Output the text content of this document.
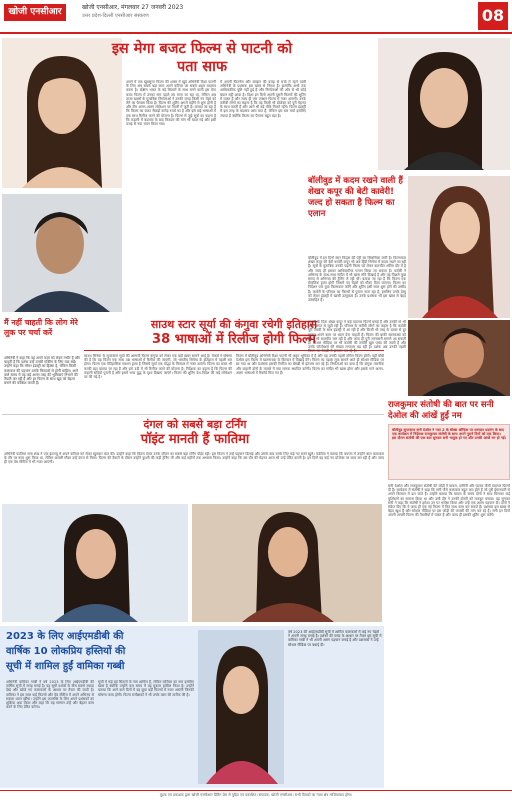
खोजी एनसीआर	खोजी एनसीआर, मंगलवार 27 जनवरी 2023
उत्तर प्रदेश-दिल्ली एनसीआर संस्करण	08
इस मेगा बजट फिल्म से पाटनी को पता साफ
अपने में एक खूबसूरत फिल्म की शक्ल में खुदे अभिनेत्री दिशा पाटनी के लिए अब सबसे बड़ा काम अपने करियर का सबसे अहम बदलाव करना है। दक्षिण भारत के बड़े सितारों के साथ बनने वाली इस मेगा बजट फिल्म में उनका नाम पहले तय माना जा रहा था, लेकिन अब ताजा खबरों के मुताबिक निर्माताओं ने उनकी जगह किसी नए चेहरे को लेने का फैसला किया है। फिल्म की शूटिंग अगले महीने से शुरू होनी है और टीम अलग-अलग लोकेशन पर तैयारी में जुटी है। बताया जा रहा है कि फिल्म का बजट सैकड़ों करोड़ रुपये का है और इसे कई भाषाओं में एक साथ रिलीज करने की योजना है। फिल्म से जुड़े सूत्रों का कहना है कि कहानी में बदलाव के बाद किरदार की मांग भी बदल गई और इसी वजह से नया चयन किया गया।
में अपनी फिटनेस और स्टाइल की वजह से चर्चा में रहने वाली अभिनेत्री के प्रशंसक इस खबर से निराश हैं। हालांकि अभी तक आधिकारिक पुष्टि नहीं हुई है और निर्माताओं की ओर से भी कोई बयान नहीं आया है। दिशा इन दिनों अपनी दूसरी फिल्मों की शूटिंग में व्यस्त हैं और जल्द ही एक एक्शन फिल्म में नजर आएंगी। उनके करीबी लोगों का कहना है कि वह किसी भी प्रोजेक्ट को पूरी मेहनत के साथ करती हैं और आगे भी बड़े मौके मिलते रहेंगे। फिल्म इंडस्ट्री में इस तरह के बदलाव आम बात हैं, लेकिन इस बार चर्चा इसलिए ज्यादा है क्योंकि फिल्म का पैमाना बहुत बड़ा है।
बॉलीवुड में कदम रखने वाली हैं शेखर कपूर की बेटी कावेरी! जल्द हो सकता है फिल्म का एलान
बॉलीवुड में इन दिनों स्टार किड्स की एंट्री का सिलसिला जारी है। फिल्मकार शेखर कपूर की बेटी कावेरी कपूर भी अब हिंदी सिनेमा में कदम रखने जा रही हैं। सूत्रों के मुताबिक उनकी पहली फिल्म को लेकर बातचीत अंतिम दौर में है और जल्द ही इसका आधिकारिक एलान किया जा सकता है। कावेरी ने अभिनय के साथ-साथ संगीत में भी खास रुचि दिखाई है और वह पिछले कुछ समय से अभिनय की ट्रेनिंग ले रही थीं। बताया जा रहा है कि फिल्म एक रोमांटिक ड्रामा होगी जिसमें नए चेहरों को मौका दिया जाएगा। फिल्म का निर्देशन एक युवा फिल्मकार करेंगे और शूटिंग इसी साल शुरू होने की उम्मीद है। कावेरी के परिवार का फिल्मों से पुराना नाता रहा है, इसलिए उनके डेब्यू को लेकर इंडस्ट्री में खासी उत्सुकता है। उनके प्रशंसक भी इस खबर से बेहद उत्साहित हैं।
साउथ स्टार सूर्या की कंगुवा रचेगी इतिहास
38 भाषाओं में रिलीज होगी फिल्म
साउथ सिनेमा के सुपरस्टार सूर्या की आगामी फिल्म कंगुवा को लेकर एक बड़ी खबर सामने आई है। मेकर्स ने घोषणा की है कि यह फिल्म एक साथ 38 भाषाओं में रिलीज की जाएगी, जो भारतीय सिनेमा के इतिहास में पहली बार होगा। फिल्म एक ऐतिहासिक एक्शन ड्रामा है जिसमें सूर्या एक योद्धा के किरदार में नजर आएंगे। फिल्म का बजट भी काफी बड़ा बताया जा रहा है और इसे 3डी में भी रिलीज करने की योजना है। निर्देशक का कहना है कि फिल्म की कहानी सदियों पुरानी है और इसमें भव्य युद्ध के दृश्य दिखाए जाएंगे। फिल्म की शूटिंग देश-विदेश की कई लोकेशन पर की गई है।
फिल्म में बॉलीवुड अभिनेत्री दिशा पाटनी भी अहम भूमिका में हैं और यह उनकी पहली तमिल फिल्म होगी। वहीं बॉबी देओल इस फिल्म में खलनायक के किरदार में दिखाई देंगे। फिल्म का पहला लुक सामने आते ही सोशल मीडिया पर छा गया था और प्रशंसक इसकी रिलीज का बेसब्री से इंतजार कर रहे हैं। निर्माताओं का दावा है कि कंगुवा तकनीक और कहानी दोनों के मामले में नया मानक स्थापित करेगी। फिल्म का संगीत भी खास होगा और इसके गाने अलग-अलग भाषाओं में रिकॉर्ड किए गए हैं।
मैं नहीं चाहती कि लोग मेरे लुक पर चर्चा करें
अभिनेत्री ने कहा कि वह अपने काम को लेकर गंभीर हैं और चाहती हैं कि दर्शक उन्हें उनकी एक्टिंग के लिए याद रखें। उन्होंने कहा कि ग्लैमर इंडस्ट्री का हिस्सा है, लेकिन किसी कलाकार की पहचान उसके किरदारों से होनी चाहिए। आने वाले समय में वह कई अलग तरह की भूमिकाएं निभाने की तैयारी कर रही हैं और हर फिल्म के साथ खुद को बेहतर बनाने की कोशिश करती हैं।
कावेरी के पिता शेखर कपूर ने कई यादगार फिल्में बनाई हैं और उनकी मां भी कला जगत से जुड़ी रही हैं। परिवार के करीबी लोगों का कहना है कि कावेरी पूरी तैयारी के साथ इंडस्ट्री में आ रही हैं और किसी भी तरह के दबाव से दूर रहकर अपने काम पर ध्यान देना चाहती हैं। फिल्म की बाकी स्टारकास्ट को लेकर भी बातचीत चल रही है और जल्द ही पूरी जानकारी सामने आ सकती है। सोशल मीडिया पर भी कावेरी की तस्वीरें खूब पसंद की जाती हैं और उनके फॉलोअर्स की संख्या लगातार बढ़ रही है। दर्शक अब उनकी पहली फिल्म का बेसब्री से इंतजार कर रहे हैं।
राजकुमार संतोषी की बात पर सनी देओल की आंखें हुईं नम
बॉलीवुड सुपरस्टार सनी देओल ने गदर 2 के बॉक्स ऑफिस पर शानदार प्रदर्शन के बाद एक कार्यक्रम में निर्देशक राजकुमार संतोषी के साथ अपने पुराने दिनों को याद किया। इस दौरान संतोषी की एक बात सुनकर सनी भावुक हो गए और उनकी आंखें नम हो गईं।
दंगल को सबसे बड़ा टर्निंग
पॉइंट मानती हैं फातिमा
अभिनेत्री फातिमा सना शेख ने एक इंटरव्यू में अपने करियर को लेकर खुलकर बात की। उन्होंने कहा कि फिल्म दंगल उनके जीवन का सबसे बड़ा टर्निंग पॉइंट रही। इस फिल्म ने उन्हें पहचान दिलाई और उसके बाद उनके लिए कई नए रास्ते खुले। फातिमा ने बताया कि बचपन में उन्होंने बाल कलाकार के तौर पर काम शुरू किया था, लेकिन असली मौका उन्हें दंगल से मिला। फिल्म की तैयारी के दौरान उन्होंने कुश्ती की कड़ी ट्रेनिंग ली और कई महीनों तक अभ्यास किया। उन्होंने कहा कि उस दौर की मेहनत आज भी उन्हें प्रेरित करती है। इन दिनों वह कई नए प्रोजेक्ट पर काम कर रही हैं और जल्द ही एक वेब सीरीज में भी नजर आएंगी।
सनी देओल और राजकुमार संतोषी की जोड़ी ने घायल, दामिनी और घातक जैसी यादगार फिल्में दी हैं। कार्यक्रम में संतोषी ने कहा कि सनी जैसे कलाकार बहुत कम होते हैं जो पूरी ईमानदारी से अपने किरदार में ढल जाते हैं। उन्होंने बताया कि घायल के समय दोनों ने साथ मिलकर कई मुश्किलों का सामना किया था और उसी दौर ने उनकी दोस्ती को मजबूत बनाया। यह सुनकर सनी ने कहा कि संतोषी ने हमेशा उन पर भरोसा किया और उन्हें एक अलग पहचान दी। दोनों ने संकेत दिए कि वे जल्द ही एक नई फिल्म में फिर साथ काम कर सकते हैं। प्रशंसक इस खबर से बेहद खुश हैं और सोशल मीडिया पर इस जोड़ी की वापसी की मांग कर रहे हैं। सनी इन दिनों अपनी अगली फिल्म की तैयारियों में व्यस्त हैं और जल्द ही इसकी शूटिंग शुरू करेंगे।
2023 के लिए आईएमडीबी की
वार्षिक 10 लोकप्रिय हस्तियों की
सूची में शामिल हुईं वामिका गब्बी
अभिनेत्री वामिका गब्बी ने वर्ष 2023 के लिए आईएमडीबी की वार्षिक सूची में जगह बनाई है। यह सूची दर्शकों के बीच सबसे ज्यादा देखे और खोजे गए कलाकारों के आधार पर तैयार की जाती है। वामिका ने इस साल कई फिल्मों और वेब सीरीज में अपने अभिनय से सबका ध्यान खींचा। उन्होंने इस उपलब्धि के लिए अपने प्रशंसकों का शुक्रिया अदा किया और कहा कि यह सम्मान उन्हें और बेहतर काम करने के लिए प्रेरित करेगा।
सूची में कई बड़े सितारों के नाम शामिल हैं, लेकिन वामिका का नाम इसलिए खास है क्योंकि उन्होंने कम समय में यह मुकाम हासिल किया है। उन्होंने बताया कि आने वाले दिनों में वह कुछ बड़ी फिल्मों में नजर आएंगी जिनकी घोषणा जल्द होगी। फिल्म समीक्षकों ने भी उनके काम की तारीफ की है।
वर्ष 2023 की आईएमडीबी सूची में शामिल कलाकारों में कई नए चेहरों ने अपनी जगह बनाई है। दर्शकों की पसंद के आधार पर तैयार इस सूची में वामिका गब्बी ने भी अपनी अलग पहचान बनाई है और प्रशंसकों ने उन्हें सोशल मीडिया पर बधाई दी।
मुद्रक एवं प्रकाशक द्वारा खोजी एनसीआर प्रिंटिंग प्रेस से मुद्रित एवं प्रकाशित। संपादक: खोजी एनसीआर। सभी विवादों का न्याय क्षेत्र गाजियाबाद होगा।
